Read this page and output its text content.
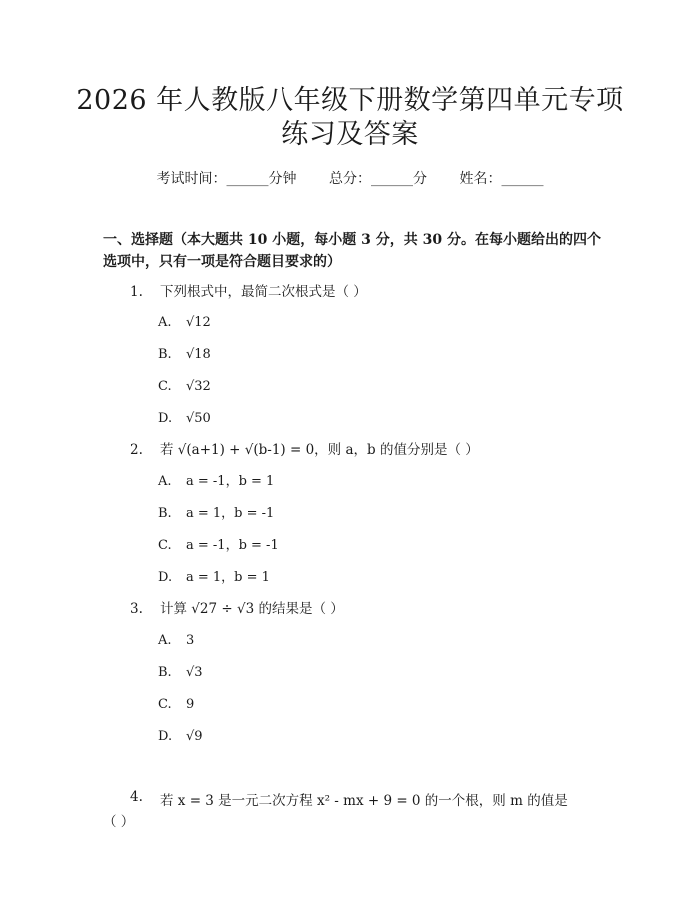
2026 年人教版八年级下册数学第四单元专项
练习及答案
考试时间：______分钟 总分：______分 姓名：______
一、选择题（本大题共 10 小题，每小题 3 分，共 30 分。在每小题给出的四个选项中，只有一项是符合题目要求的）
1. 下列根式中，最简二次根式是（ ）
A. √12
B. √18
C. √32
D. √50
2. 若 √(a+1) + √(b-1) = 0，则 a，b 的值分别是（ ）
A. a = -1，b = 1
B. a = 1，b = -1
C. a = -1，b = -1
D. a = 1，b = 1
3. 计算 √27 ÷ √3 的结果是（ ）
A. 3
B. √3
C. 9
D. √9
4. 若 x = 3 是一元二次方程 x² - mx + 9 = 0 的一个根，则 m 的值是
（ ）
